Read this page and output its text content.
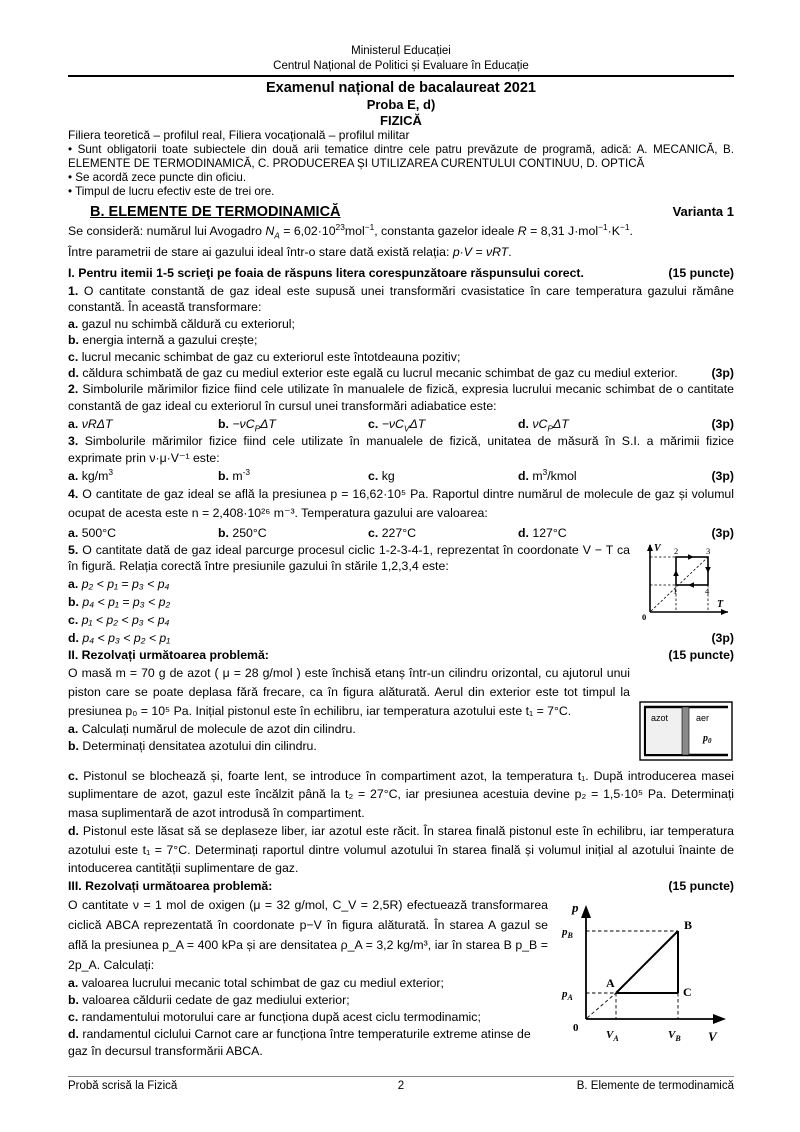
Ministerul Educației
Centrul Național de Politici și Evaluare în Educație
Examenul național de bacalaureat 2021
Proba E, d)
FIZICĂ
Filiera teoretică – profilul real, Filiera vocațională – profilul militar
• Sunt obligatorii toate subiectele din două arii tematice dintre cele patru prevăzute de programă, adică: A. MECANICĂ, B. ELEMENTE DE TERMODINAMICĂ, C. PRODUCEREA ȘI UTILIZAREA CURENTULUI CONTINUU, D. OPTICĂ
• Se acordă zece puncte din oficiu.
• Timpul de lucru efectiv este de trei ore.
B. ELEMENTE DE TERMODINAMICĂ	Varianta 1
Se consideră: numărul lui Avogadro $N_A = 6,02\cdot 10^{23}mol^{-1}$, constanta gazelor ideale R = 8,31 $J\cdot mol^{-1}\cdot K^{-1}$.
Între parametrii de stare ai gazului ideal într-o stare dată există relația: p·V = νRT.
I. Pentru itemii 1-5 scrieţi pe foaia de răspuns litera corespunzătoare răspunsului corect.	(15 puncte)
1. O cantitate constantă de gaz ideal este supusă unei transformări cvasistatice în care temperatura gazului rămâne constantă. În această transformare:
a. gazul nu schimbă căldură cu exteriorul;
b. energia internă a gazului crește;
c. lucrul mecanic schimbat de gaz cu exteriorul este întotdeauna pozitiv;
d. căldura schimbată de gaz cu mediul exterior este egală cu lucrul mecanic schimbat de gaz cu mediul exterior.	(3p)
2. Simbolurile mărimilor fizice fiind cele utilizate în manualele de fizică, expresia lucrului mecanic schimbat de o cantitate constantă de gaz ideal cu exteriorul în cursul unei transformări adiabatice este:
a. νRΔT	b. $-\nu C_P\Delta T$	c. $-\nu C_V\Delta T$	d. $\nu C_P\Delta T$	(3p)
3. Simbolurile mărimilor fizice fiind cele utilizate în manualele de fizică, unitatea de măsură în S.I. a mărimii fizice exprimate prin ν·μ·V⁻¹ este:
a. $kg/m^3$	b. $m^{-3}$	c. kg	d. $m^3$/kmol	(3p)
4. O cantitate de gaz ideal se află la presiunea p = 16,62·10⁵ Pa. Raportul dintre numărul de molecule de gaz și volumul ocupat de acesta este n = 2,408·10²⁶ m⁻³. Temperatura gazului are valoarea:
a. 500°C	b. 250°C	c. 227°C	d. 127°C	(3p)
V
T
0
1
2	3
4
5. O cantitate dată de gaz ideal parcurge procesul ciclic 1-2-3-4-1, reprezentat în coordonate V − T ca în figură. Relația corectă între presiunile gazului în stările 1,2,3,4 este:
a. p₂ < p₁ = p₃ < p₄
b. p₄ < p₁ = p₃ < p₂
c. p₁ < p₂ < p₃ < p₄
d. p₄ < p₃ < p₂ < p₁	(3p)
II. Rezolvați următoarea problemă:	(15 puncte)
azot	aer
$p_0$
O masă m = 70 g de azot ( μ = 28 g/mol ) este închisă etanș într-un cilindru orizontal, cu ajutorul unui piston care se poate deplasa fără frecare, ca în figura alăturată. Aerul din exterior este tot timpul la presiunea p₀ = 10⁵ Pa. Inițial pistonul este în echilibru, iar temperatura azotului este t₁ = 7°C.
a. Calculați numărul de molecule de azot din cilindru.
b. Determinați densitatea azotului din cilindru.
c. Pistonul se blochează și, foarte lent, se introduce în compartiment azot, la temperatura t₁. După introducerea masei suplimentare de azot, gazul este încălzit până la t₂ = 27°C, iar presiunea acestuia devine p₂ = 1,5·10⁵ Pa. Determinați masa suplimentară de azot introdusă în compartiment.
d. Pistonul este lăsat să se deplaseze liber, iar azotul este răcit. În starea finală pistonul este în echilibru, iar temperatura azotului este t₁ = 7°C. Determinați raportul dintre volumul azotului în starea finală și volumul inițial al azotului înainte de intoducerea cantității suplimentare de gaz.
III. Rezolvați următoarea problemă:	(15 puncte)
p
V
0
$p_B$
$p_A$
$V_A$	$V_B$
A
B
C
O cantitate ν = 1 mol de oxigen (μ = 32 g/mol, C_V = 2,5R) efectuează transformarea ciclică ABCA reprezentată în coordonate p−V în figura alăturată. În starea A gazul se află la presiunea p_A = 400 kPa și are densitatea ρ_A = 3,2 kg/m³, iar în starea B p_B = 2p_A. Calculați:
a. valoarea lucrului mecanic total schimbat de gaz cu mediul exterior;
b. valoarea căldurii cedate de gaz mediului exterior;
c. randamentului motorului care ar funcționa după acest ciclu termodinamic;
d. randamentul ciclului Carnot care ar funcționa între temperaturile extreme atinse de gaz în decursul transformării ABCA.
Probă scrisă la Fizică	2	B. Elemente de termodinamică
